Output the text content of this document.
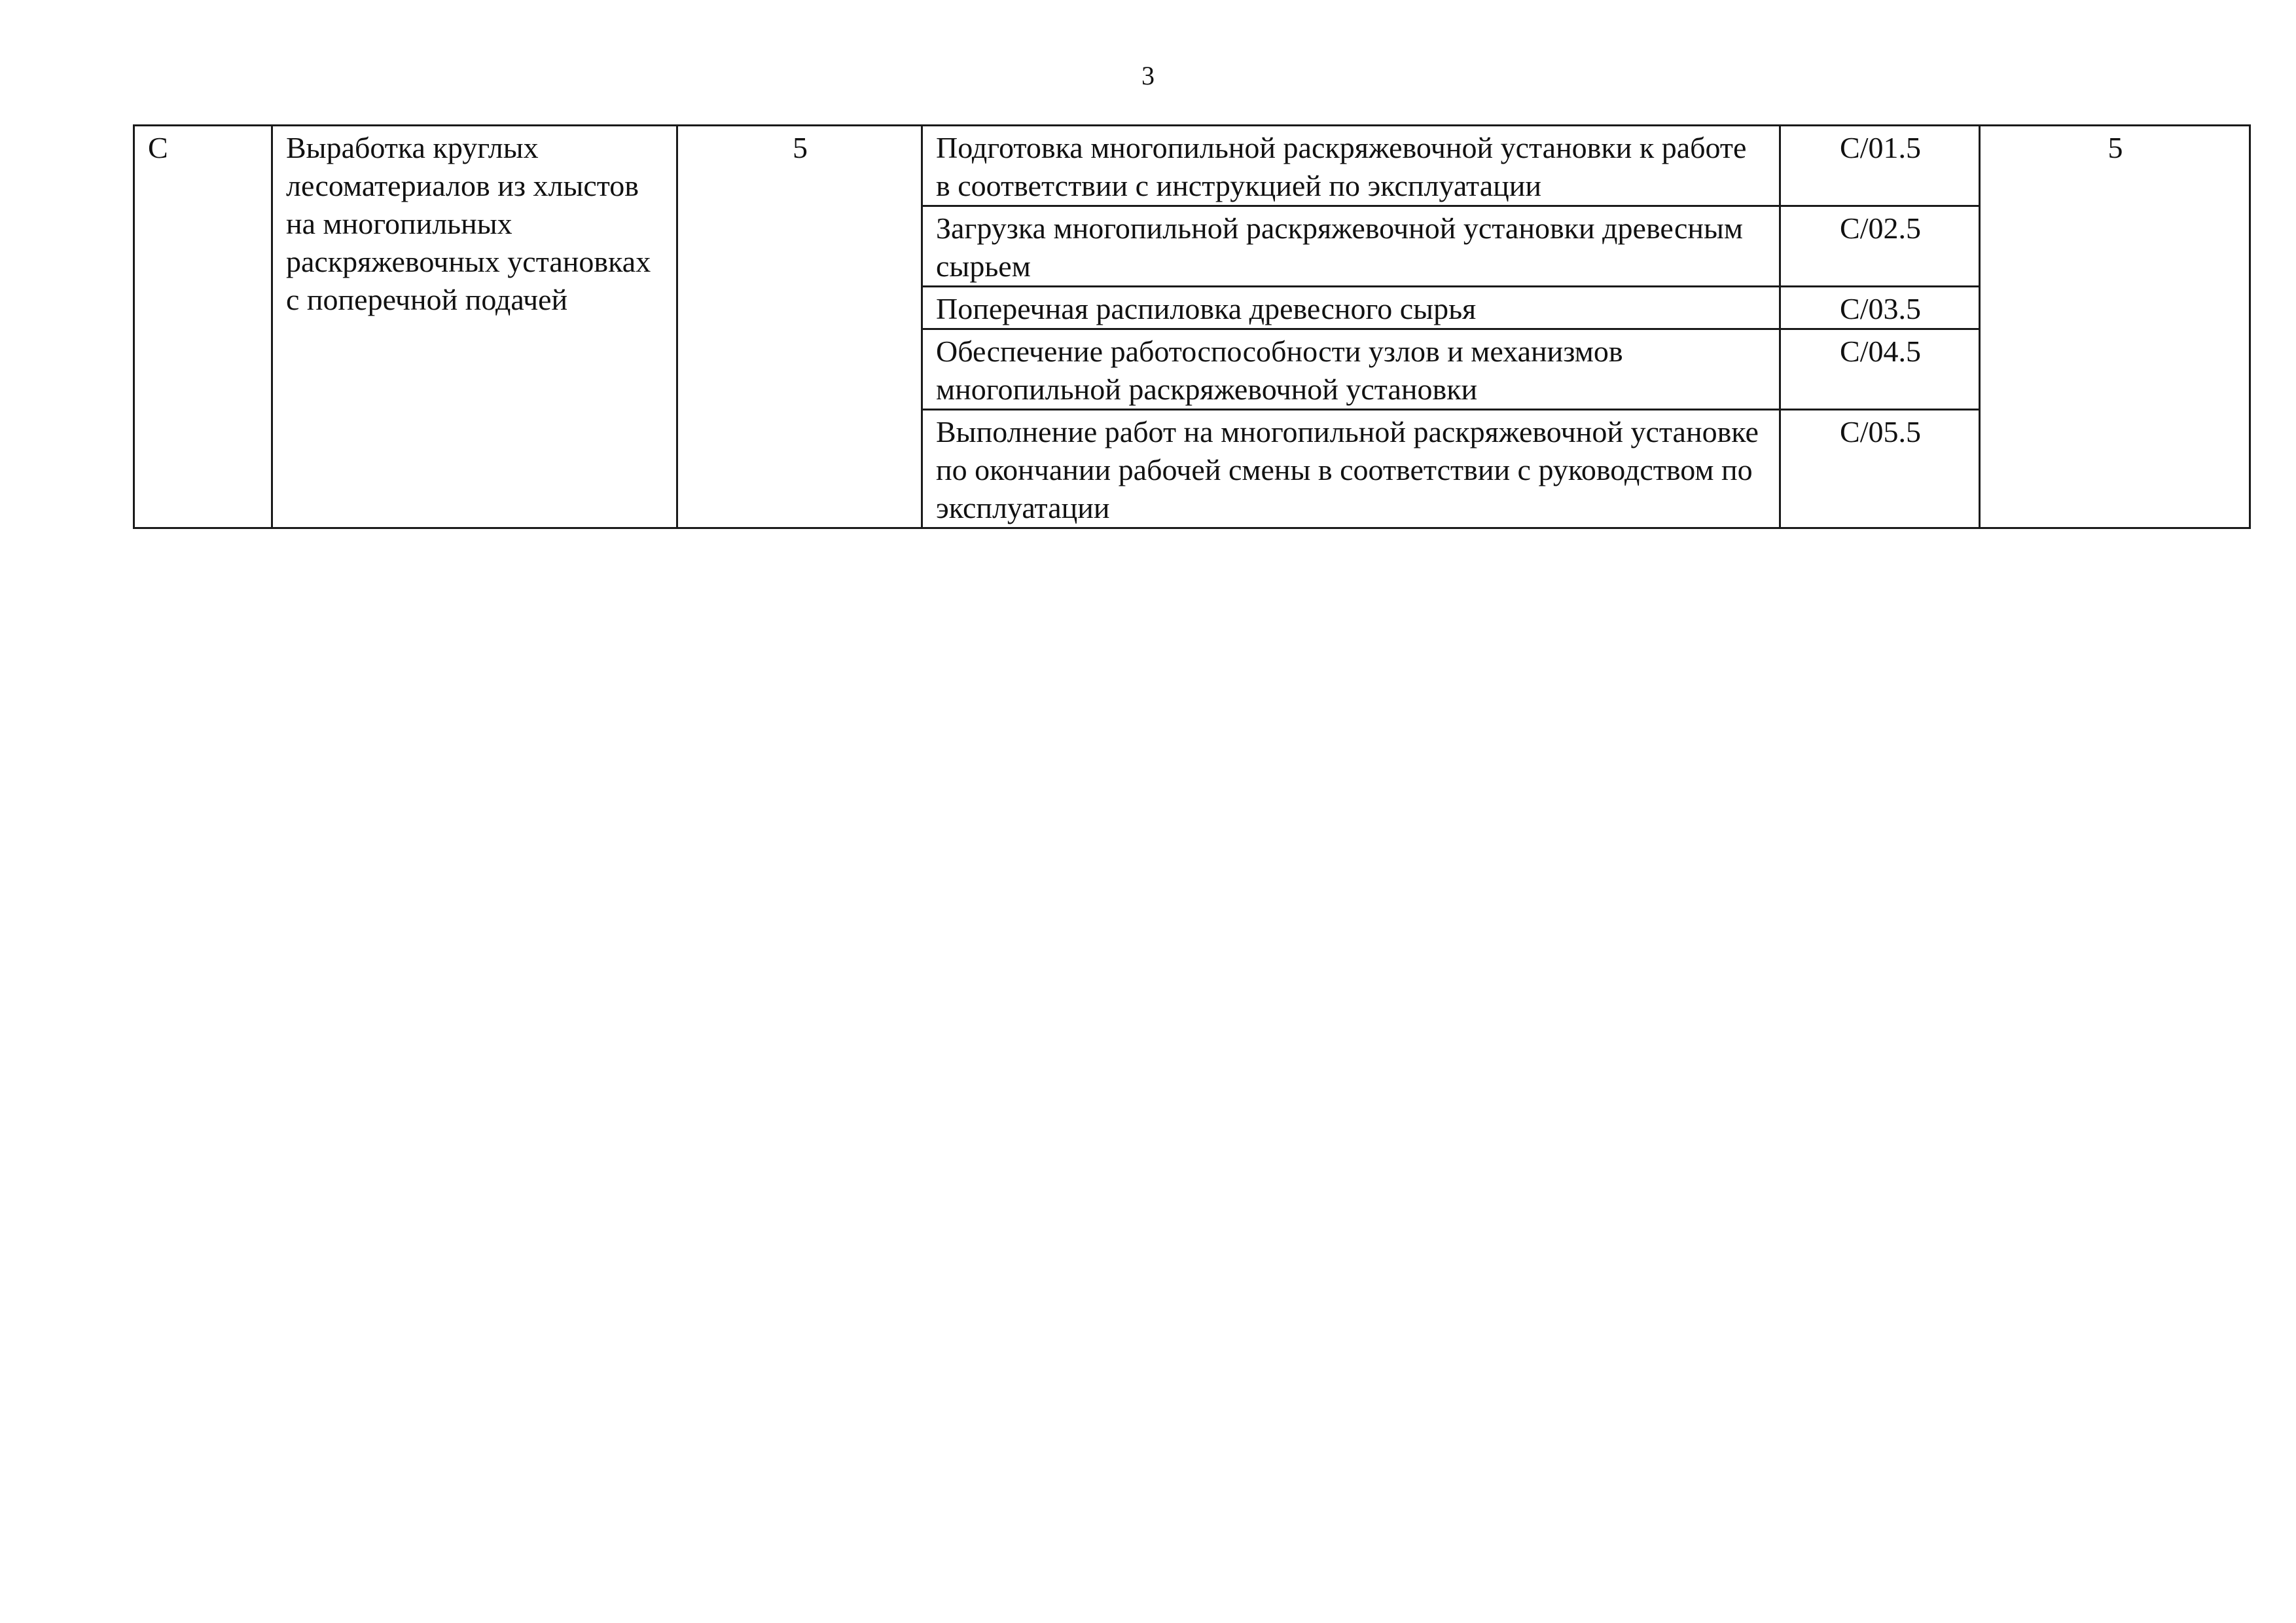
3
C	Выработка круглых лесоматериалов из хлыстов на многопильных раскряжевочных установках с поперечной подачей	5	Подготовка многопильной раскряжевочной установки к работе в соответствии с инструкцией по эксплуатации	C/01.5	5
			Загрузка многопильной раскряжевочной установки древесным сырьем	C/02.5	
			Поперечная распиловка древесного сырья	C/03.5	
			Обеспечение работоспособности узлов и механизмов многопильной раскряжевочной установки	C/04.5	
			Выполнение работ на многопильной раскряжевочной установке по окончании рабочей смены в соответствии с руководством по эксплуатации	C/05.5	
